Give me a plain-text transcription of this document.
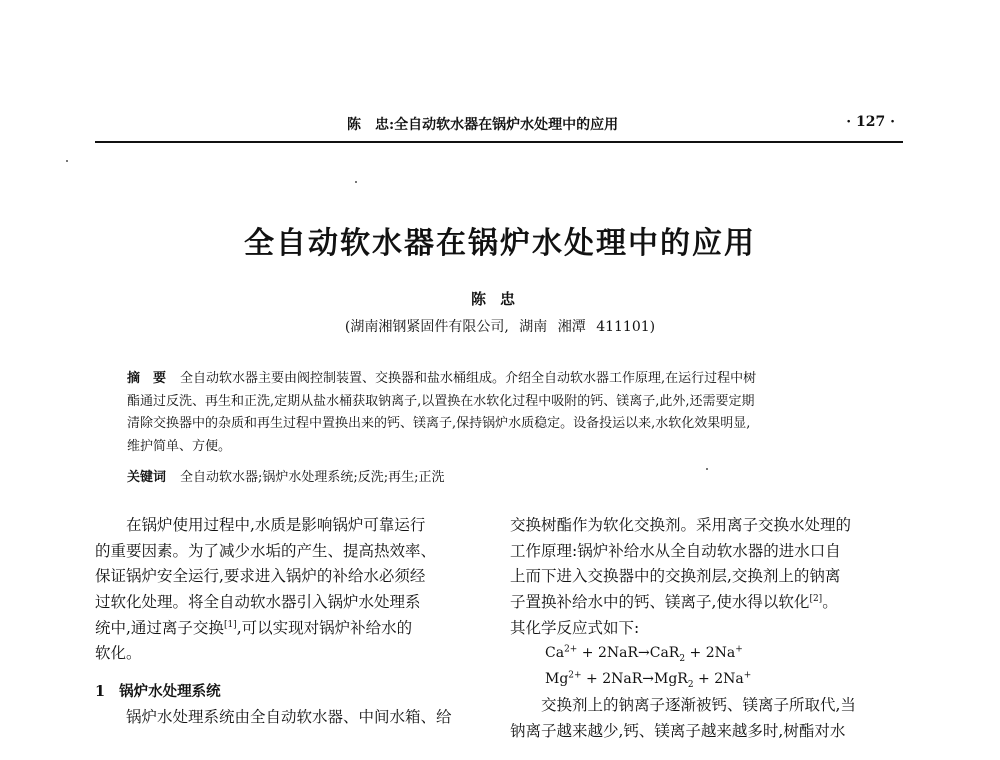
陈　忠:全自动软水器在锅炉水处理中的应用	· 127 ·
全自动软水器在锅炉水处理中的应用
陈忠
(湖南湘钢紧固件有限公司, 湖南 湘潭 411101)
摘　要 全自动软水器主要由阀控制装置、交换器和盐水桶组成。介绍全自动软水器工作原理,在运行过程中树
酯通过反洗、再生和正洗,定期从盐水桶获取钠离子,以置换在水软化过程中吸附的钙、镁离子,此外,还需要定期
清除交换器中的杂质和再生过程中置换出来的钙、镁离子,保持锅炉水质稳定。设备投运以来,水软化效果明显,
维护简单、方便。
关键词 全自动软水器;锅炉水处理系统;反洗;再生;正洗
在锅炉使用过程中,水质是影响锅炉可靠运行
的重要因素。为了减少水垢的产生、提高热效率、
保证锅炉安全运行,要求进入锅炉的补给水必须经
过软化处理。将全自动软水器引入锅炉水处理系
统中,通过离子交换[1],可以实现对锅炉补给水的
软化。
1 锅炉水处理系统
锅炉水处理系统由全自动软水器、中间水箱、给
交换树酯作为软化交换剂。采用离子交换水处理的
工作原理:锅炉补给水从全自动软水器的进水口自
上而下进入交换器中的交换剂层,交换剂上的钠离
子置换补给水中的钙、镁离子,使水得以软化[2]。
其化学反应式如下:
$Ca^{2+} + 2NaR\to CaR_2 + 2Na^+$
$Mg^{2+} + 2NaR\to MgR_2 + 2Na^+$
交换剂上的钠离子逐渐被钙、镁离子所取代,当
钠离子越来越少,钙、镁离子越来越多时,树酯对水
